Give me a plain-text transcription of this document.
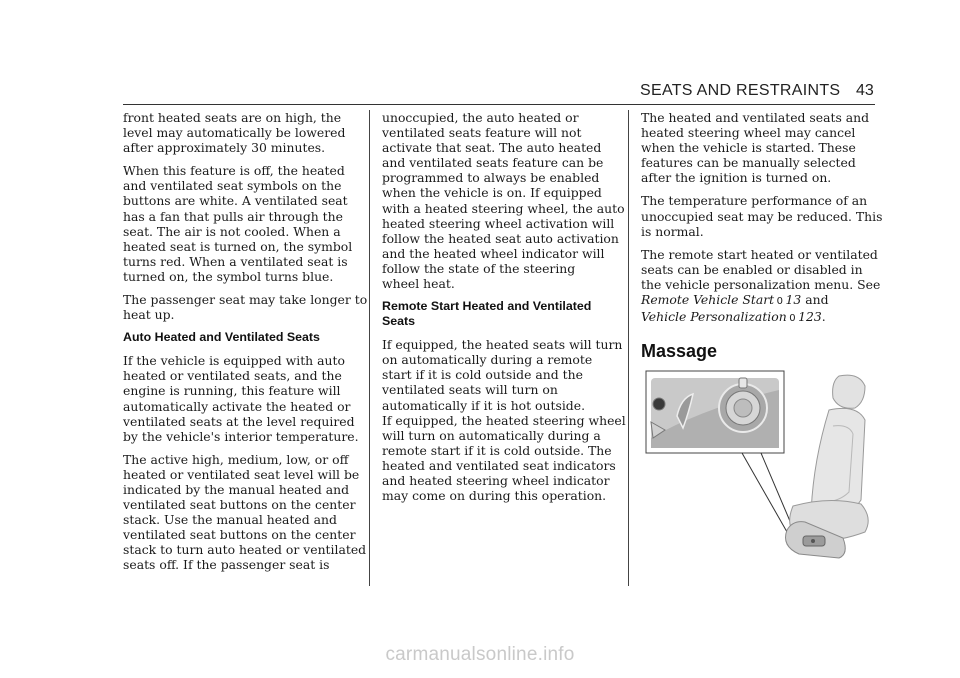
SEATS AND RESTRAINTS 43

front heated seats are on high, the
level may automatically be lowered
after approximately 30 minutes.

When this feature is off, the heated
and ventilated seat symbols on the
buttons are white. A ventilated seat
has a fan that pulls air through the
seat. The air is not cooled. When a
heated seat is turned on, the symbol
turns red. When a ventilated seat is
turned on, the symbol turns blue.

The passenger seat may take longer to
heat up.

Auto Heated and Ventilated Seats

If the vehicle is equipped with auto
heated or ventilated seats, and the
engine is running, this feature will
automatically activate the heated or
ventilated seats at the level required
by the vehicle's interior temperature.

The active high, medium, low, or off
heated or ventilated seat level will be
indicated by the manual heated and
ventilated seat buttons on the center
stack. Use the manual heated and
ventilated seat buttons on the center
stack to turn auto heated or ventilated
seats off. If the passenger seat is

unoccupied, the auto heated or
ventilated seats feature will not
activate that seat. The auto heated
and ventilated seats feature can be
programmed to always be enabled
when the vehicle is on. If equipped
with a heated steering wheel, the auto
heated steering wheel activation will
follow the heated seat auto activation
and the heated wheel indicator will
follow the state of the steering
wheel heat.

Remote Start Heated and Ventilated
Seats

If equipped, the heated seats will turn
on automatically during a remote
start if it is cold outside and the
ventilated seats will turn on
automatically if it is hot outside.
If equipped, the heated steering wheel
will turn on automatically during a
remote start if it is cold outside. The
heated and ventilated seat indicators
and heated steering wheel indicator
may come on during this operation.

The heated and ventilated seats and
heated steering wheel may cancel
when the vehicle is started. These
features can be manually selected
after the ignition is turned on.

The temperature performance of an
unoccupied seat may be reduced. This
is normal.

The remote start heated or ventilated
seats can be enabled or disabled in
the vehicle personalization menu. See
Remote Vehicle Start  0  13 and
Vehicle Personalization  0  123.

Massage
carmanualsonline.info
